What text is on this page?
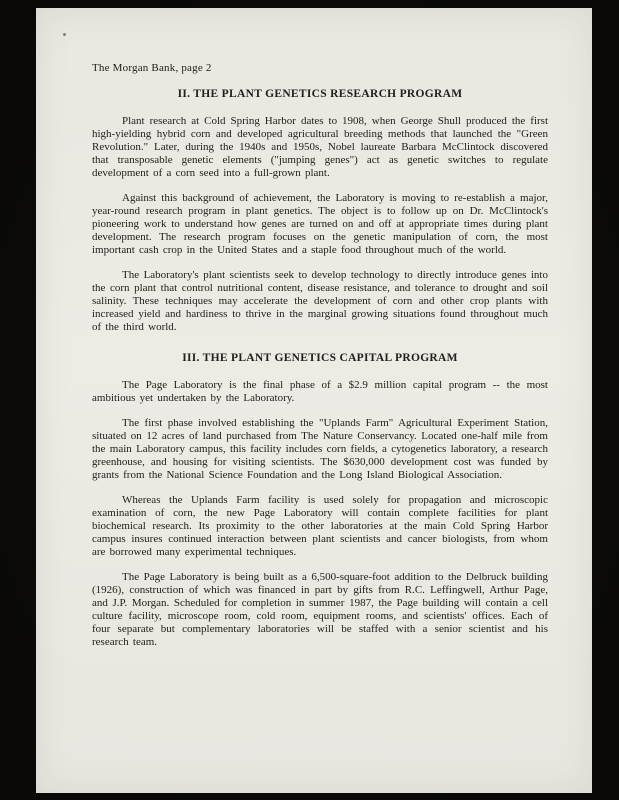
The Morgan Bank, page 2
II. THE PLANT GENETICS RESEARCH PROGRAM

Plant research at Cold Spring Harbor dates to 1908, when George Shull produced the first high-yielding hybrid corn and developed agricultural breeding methods that launched the "Green Revolution." Later, during the 1940s and 1950s, Nobel laureate Barbara McClintock discovered that transposable genetic elements ("jumping genes") act as genetic switches to regulate development of a corn seed into a full-grown plant.

Against this background of achievement, the Laboratory is moving to re-establish a major, year-round research program in plant genetics. The object is to follow up on Dr. McClintock's pioneering work to understand how genes are turned on and off at appropriate times during plant development. The research program focuses on the genetic manipulation of corn, the most important cash crop in the United States and a staple food throughout much of the world.

The Laboratory's plant scientists seek to develop technology to directly introduce genes into the corn plant that control nutritional content, disease resistance, and tolerance to drought and soil salinity. These techniques may accelerate the development of corn and other crop plants with increased yield and hardiness to thrive in the marginal growing situations found throughout much of the third world.

III. THE PLANT GENETICS CAPITAL PROGRAM

The Page Laboratory is the final phase of a $2.9 million capital program -- the most ambitious yet undertaken by the Laboratory.

The first phase involved establishing the "Uplands Farm" Agricultural Experiment Station, situated on 12 acres of land purchased from The Nature Conservancy. Located one-half mile from the main Laboratory campus, this facility includes corn fields, a cytogenetics laboratory, a research greenhouse, and housing for visiting scientists. The $630,000 development cost was funded by grants from the National Science Foundation and the Long Island Biological Association.

Whereas the Uplands Farm facility is used solely for propagation and microscopic examination of corn, the new Page Laboratory will contain complete facilities for plant biochemical research. Its proximity to the other laboratories at the main Cold Spring Harbor campus insures continued interaction between plant scientists and cancer biologists, from whom are borrowed many experimental techniques.

The Page Laboratory is being built as a 6,500-square-foot addition to the Delbruck building (1926), construction of which was financed in part by gifts from R.C. Leffingwell, Arthur Page, and J.P. Morgan. Scheduled for completion in summer 1987, the Page building will contain a cell culture facility, microscope room, cold room, equipment rooms, and scientists' offices. Each of four separate but complementary laboratories will be staffed with a senior scientist and his research team.
